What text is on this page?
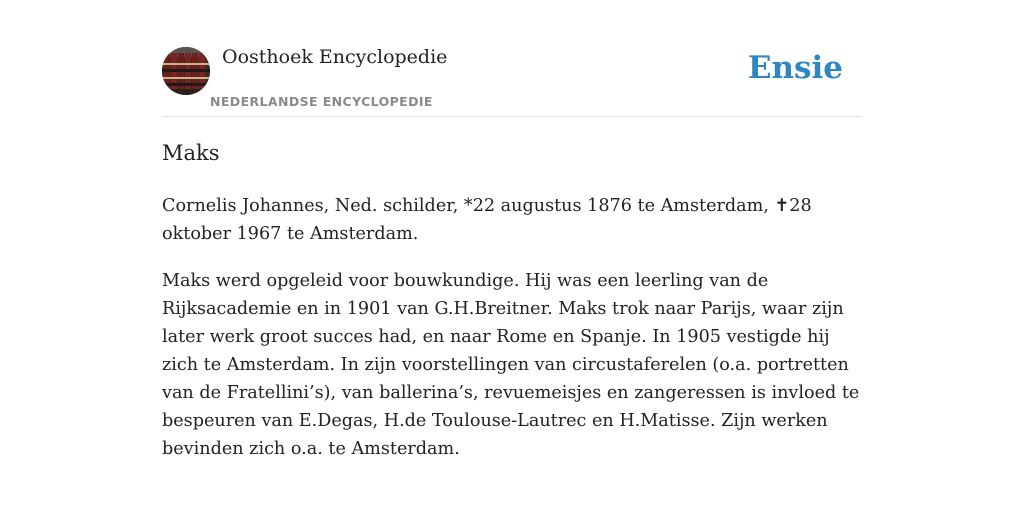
Oosthoek Encyclopedie
NEDERLANDSE ENCYCLOPEDIE
Ensie
Maks

Cornelis Johannes, Ned. schilder, *22 augustus 1876 te Amsterdam, ✝28 oktober 1967 te Amsterdam.

Maks werd opgeleid voor bouwkundige. Hij was een leerling van de Rijksacademie en in 1901 van G.H.Breitner. Maks trok naar Parijs, waar zijn later werk groot succes had, en naar Rome en Spanje. In 1905 vestigde hij zich te Amsterdam. In zijn voorstellingen van circustaferelen (o.a. portretten van de Fratellini’s), van ballerina’s, revuemeisjes en zangeressen is invloed te bespeuren van E.Degas, H.de Toulouse-Lautrec en H.Matisse. Zijn werken bevinden zich o.a. te Amsterdam.
